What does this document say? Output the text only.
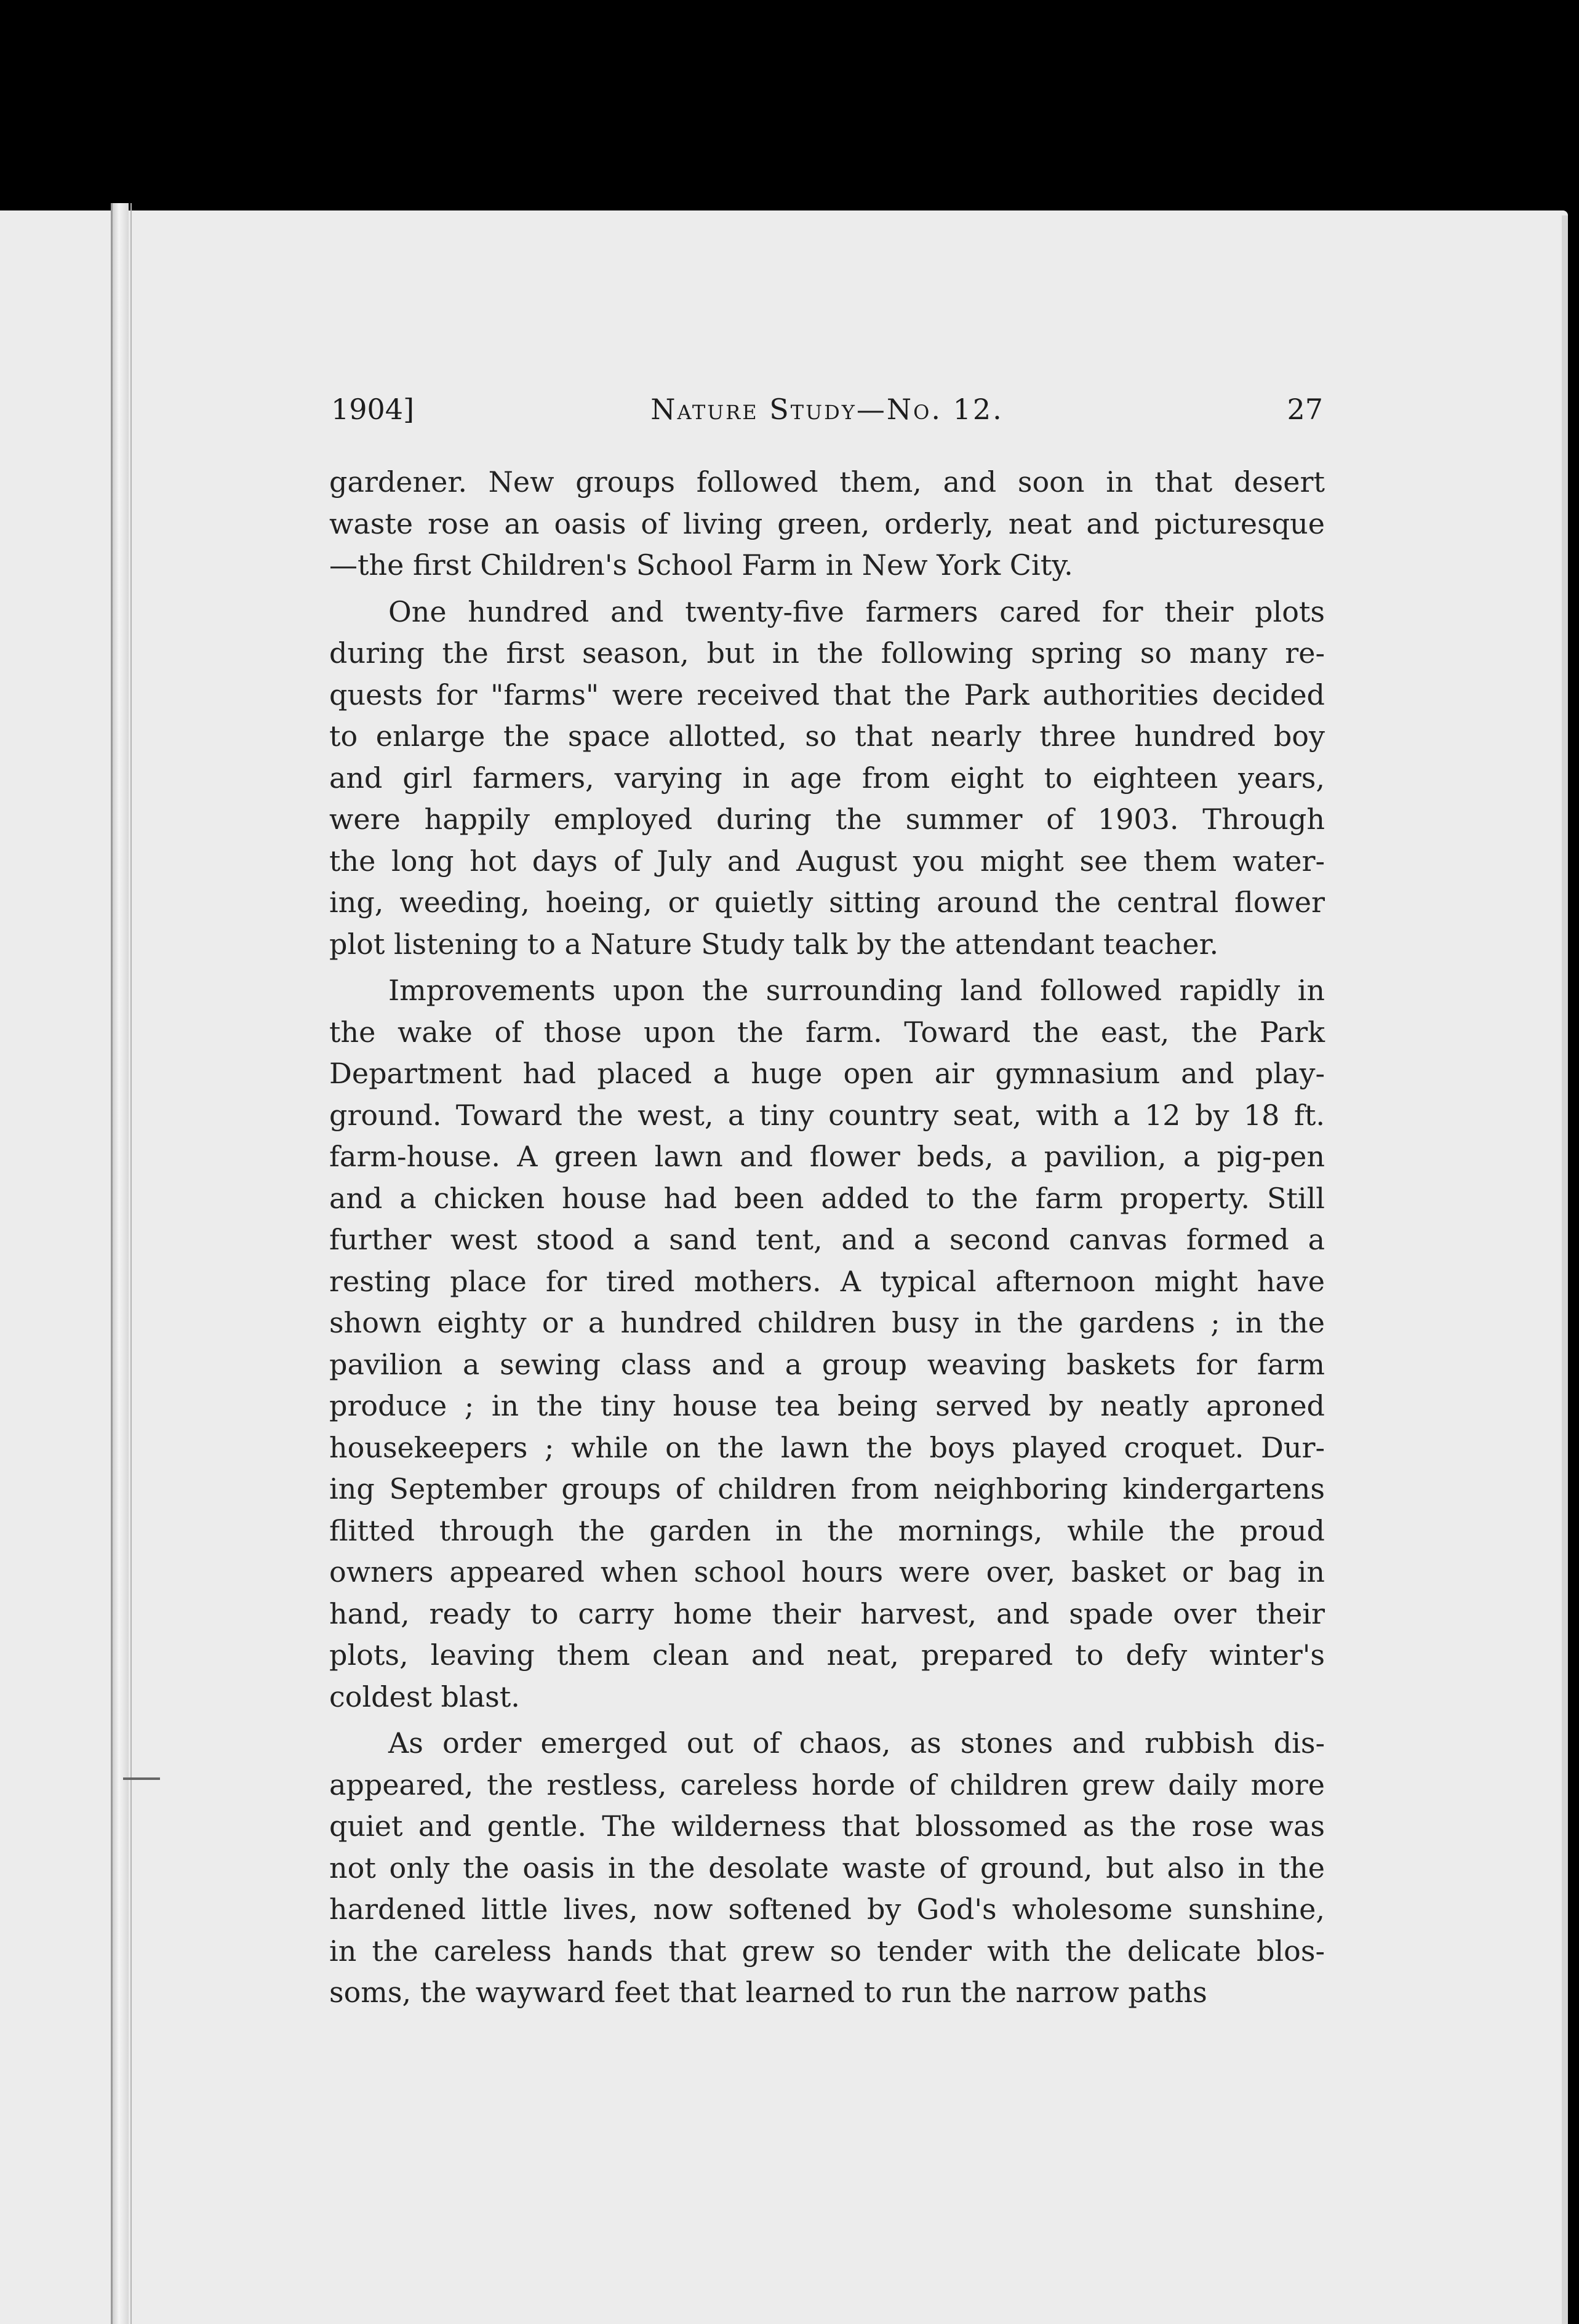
1904]	Nature Study—No. 12.	27
gardener. New groups followed them, and soon in that desert
waste rose an oasis of living green, orderly, neat and picturesque
—the first Children's School Farm in New York City.
One hundred and twenty-five farmers cared for their plots
during the first season, but in the following spring so many re-
quests for "farms" were received that the Park authorities decided
to enlarge the space allotted, so that nearly three hundred boy
and girl farmers, varying in age from eight to eighteen years,
were happily employed during the summer of 1903. Through
the long hot days of July and August you might see them water-
ing, weeding, hoeing, or quietly sitting around the central flower
plot listening to a Nature Study talk by the attendant teacher.
Improvements upon the surrounding land followed rapidly in
the wake of those upon the farm. Toward the east, the Park
Department had placed a huge open air gymnasium and play-
ground. Toward the west, a tiny country seat, with a 12 by 18 ft.
farm-house. A green lawn and flower beds, a pavilion, a pig-pen
and a chicken house had been added to the farm property. Still
further west stood a sand tent, and a second canvas formed a
resting place for tired mothers. A typical afternoon might have
shown eighty or a hundred children busy in the gardens ; in the
pavilion a sewing class and a group weaving baskets for farm
produce ; in the tiny house tea being served by neatly aproned
housekeepers ; while on the lawn the boys played croquet. Dur-
ing September groups of children from neighboring kindergartens
flitted through the garden in the mornings, while the proud
owners appeared when school hours were over, basket or bag in
hand, ready to carry home their harvest, and spade over their
plots, leaving them clean and neat, prepared to defy winter's
coldest blast.
As order emerged out of chaos, as stones and rubbish dis-
appeared, the restless, careless horde of children grew daily more
quiet and gentle. The wilderness that blossomed as the rose was
not only the oasis in the desolate waste of ground, but also in the
hardened little lives, now softened by God's wholesome sunshine,
in the careless hands that grew so tender with the delicate blos-
soms, the wayward feet that learned to run the narrow paths
